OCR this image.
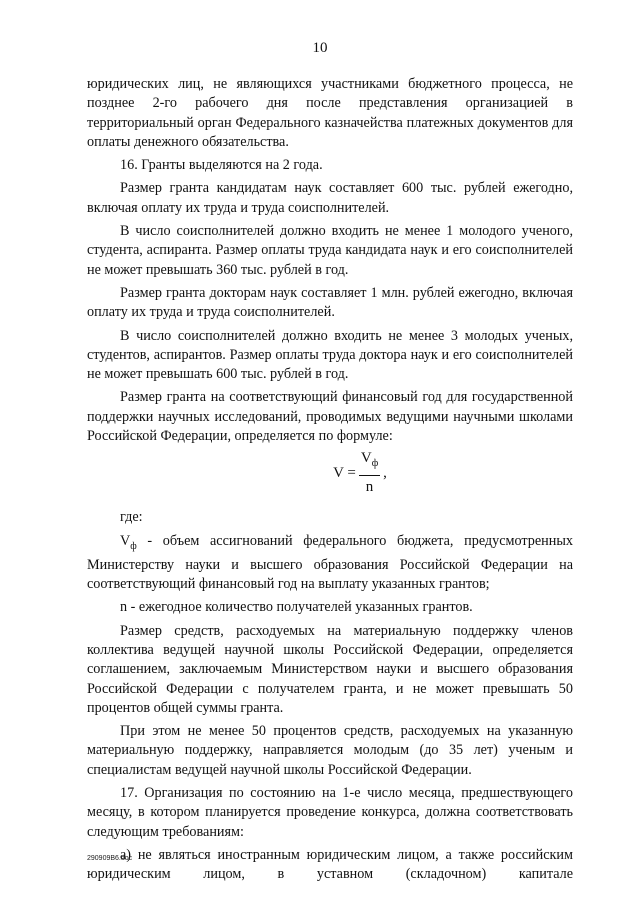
10

юридических лиц, не являющихся участниками бюджетного процесса, не позднее 2-го рабочего дня после представления организацией в территориальный орган Федерального казначейства платежных документов для оплаты денежного обязательства.

16. Гранты выделяются на 2 года.

Размер гранта кандидатам наук составляет 600 тыс. рублей ежегодно, включая оплату их труда и труда соисполнителей.

В число соисполнителей должно входить не менее 1 молодого ученого, студента, аспиранта. Размер оплаты труда кандидата наук и его соисполнителей не может превышать 360 тыс. рублей в год.

Размер гранта докторам наук составляет 1 млн. рублей ежегодно, включая оплату их труда и труда соисполнителей.

В число соисполнителей должно входить не менее 3 молодых ученых, студентов, аспирантов. Размер оплаты труда доктора наук и его соисполнителей не может превышать 600 тыс. рублей в год.

Размер гранта на соответствующий финансовый год для государственной поддержки научных исследований, проводимых ведущими научными школами Российской Федерации, определяется по формуле:

$V = \frac{V_ф}{n}$ ,

где:

$V_ф$ - объем ассигнований федерального бюджета, предусмотренных Министерству науки и высшего образования Российской Федерации на соответствующий финансовый год на выплату указанных грантов;

n - ежегодное количество получателей указанных грантов.

Размер средств, расходуемых на материальную поддержку членов коллектива ведущей научной школы Российской Федерации, определяется соглашением, заключаемым Министерством науки и высшего образования Российской Федерации с получателем гранта, и не может превышать 50 процентов общей суммы гранта.

При этом не менее 50 процентов средств, расходуемых на указанную материальную поддержку, направляется молодым (до 35 лет) ученым и специалистам ведущей научной школы Российской Федерации.

17. Организация по состоянию на 1-е число месяца, предшествующего месяцу, в котором планируется проведение конкурса, должна соответствовать следующим требованиям:

а) не являться иностранным юридическим лицом, а также российским юридическим лицом, в уставном (складочном) капитале

290909В6.doc
